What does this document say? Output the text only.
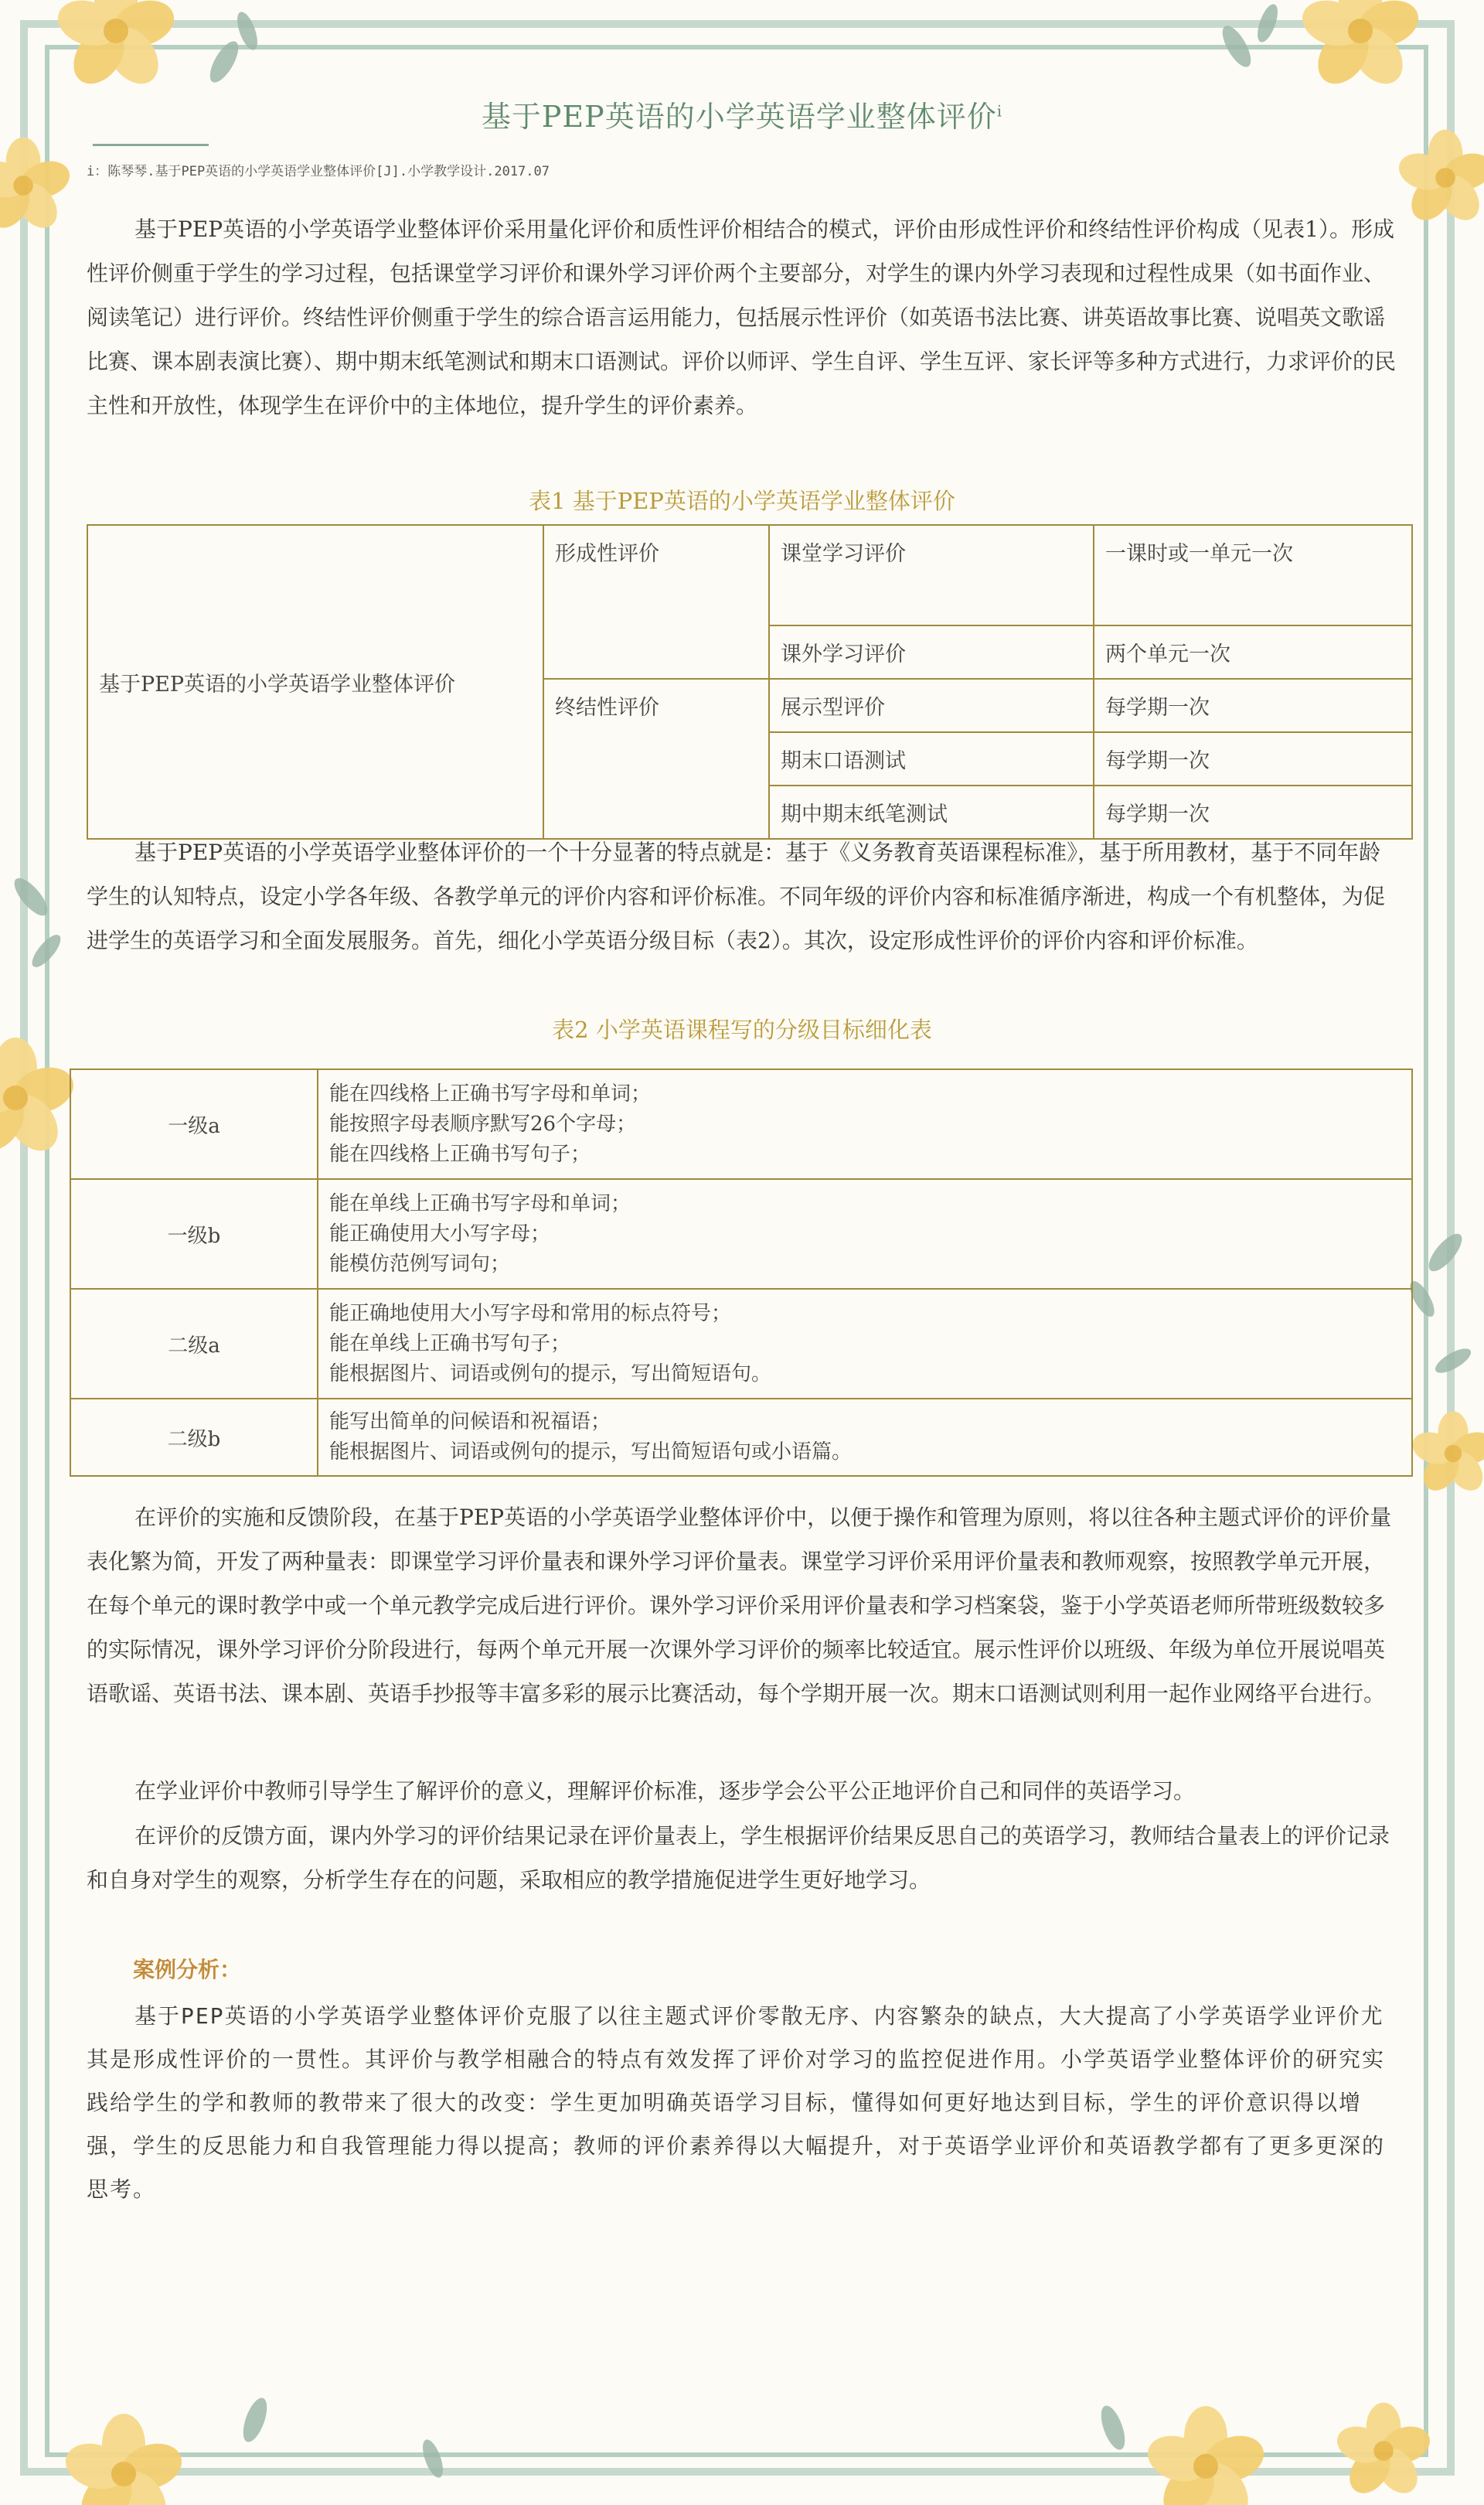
基于PEP英语的小学英语学业整体评价$^i$
i：陈琴琴.基于PEP英语的小学英语学业整体评价[J].小学教学设计.2017.07

基于PEP英语的小学英语学业整体评价采用量化评价和质性评价相结合的模式，评价由形成性评价和终结性评价构成（见表1）。形成性评价侧重于学生的学习过程，包括课堂学习评价和课外学习评价两个主要部分，对学生的课内外学习表现和过程性成果（如书面作业、阅读笔记）进行评价。终结性评价侧重于学生的综合语言运用能力，包括展示性评价（如英语书法比赛、讲英语故事比赛、说唱英文歌谣比赛、课本剧表演比赛）、期中期末纸笔测试和期末口语测试。评价以师评、学生自评、学生互评、家长评等多种方式进行，力求评价的民主性和开放性，体现学生在评价中的主体地位，提升学生的评价素养。

表1 基于PEP英语的小学英语学业整体评价
基于PEP英语的小学英语学业整体评价	形成性评价	课堂学习评价	一课时或一单元一次
		课外学习评价	两个单元一次
	终结性评价	展示型评价	每学期一次
		期末口语测试	每学期一次
		期中期末纸笔测试	每学期一次

基于PEP英语的小学英语学业整体评价的一个十分显著的特点就是：基于《义务教育英语课程标准》，基于所用教材，基于不同年龄学生的认知特点，设定小学各年级、各教学单元的评价内容和评价标准。不同年级的评价内容和标准循序渐进，构成一个有机整体，为促进学生的英语学习和全面发展服务。首先，细化小学英语分级目标（表2）。其次，设定形成性评价的评价内容和评价标准。

表2 小学英语课程写的分级目标细化表
一级a	能在四线格上正确书写字母和单词；
能按照字母表顺序默写26个字母；
能在四线格上正确书写句子；

一级b	能在单线上正确书写字母和单词；
能正确使用大小写字母；
能模仿范例写词句；

二级a	能正确地使用大小写字母和常用的标点符号；
能在单线上正确书写句子；
能根据图片、词语或例句的提示，写出简短语句。

二级b	能写出简单的问候语和祝福语；
能根据图片、词语或例句的提示，写出简短语句或小语篇。

在评价的实施和反馈阶段，在基于PEP英语的小学英语学业整体评价中，以便于操作和管理为原则，将以往各种主题式评价的评价量表化繁为简，开发了两种量表：即课堂学习评价量表和课外学习评价量表。课堂学习评价采用评价量表和教师观察，按照教学单元开展，在每个单元的课时教学中或一个单元教学完成后进行评价。课外学习评价采用评价量表和学习档案袋，鉴于小学英语老师所带班级数较多的实际情况，课外学习评价分阶段进行，每两个单元开展一次课外学习评价的频率比较适宜。展示性评价以班级、年级为单位开展说唱英语歌谣、英语书法、课本剧、英语手抄报等丰富多彩的展示比赛活动，每个学期开展一次。期末口语测试则利用一起作业网络平台进行。

在学业评价中教师引导学生了解评价的意义，理解评价标准，逐步学会公平公正地评价自己和同伴的英语学习。

在评价的反馈方面，课内外学习的评价结果记录在评价量表上，学生根据评价结果反思自己的英语学习，教师结合量表上的评价记录和自身对学生的观察，分析学生存在的问题，采取相应的教学措施促进学生更好地学习。

案例分析：

基于PEP英语的小学英语学业整体评价克服了以往主题式评价零散无序、内容繁杂的缺点，大大提高了小学英语学业评价尤其是形成性评价的一贯性。其评价与教学相融合的特点有效发挥了评价对学习的监控促进作用。小学英语学业整体评价的研究实践给学生的学和教师的教带来了很大的改变：学生更加明确英语学习目标，懂得如何更好地达到目标，学生的评价意识得以增强，学生的反思能力和自我管理能力得以提高；教师的评价素养得以大幅提升，对于英语学业评价和英语教学都有了更多更深的思考。
